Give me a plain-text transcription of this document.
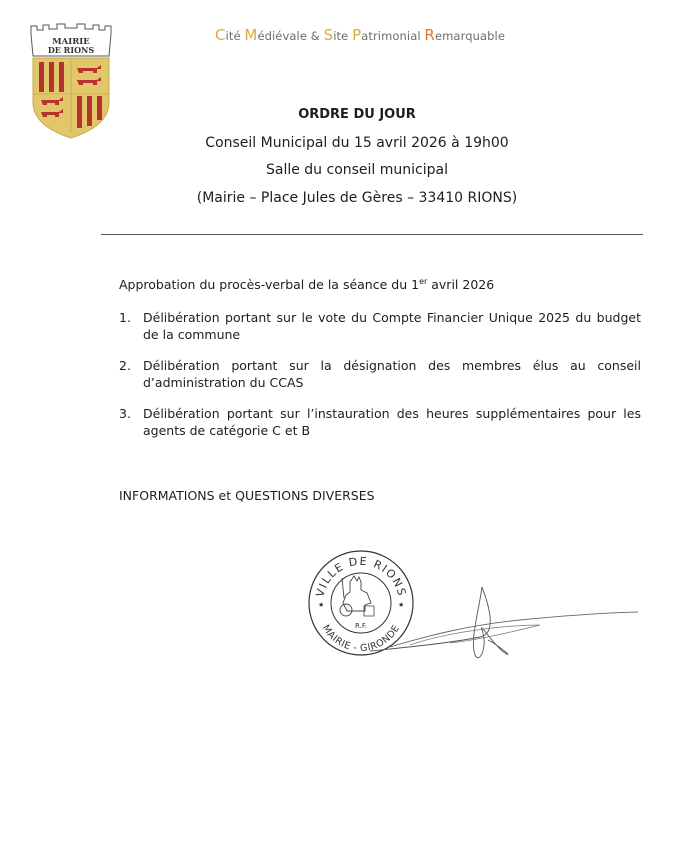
MAIRIE
DE RIONS
Cité Médiévale & Site Patrimonial Remarquable
ORDRE DU JOUR
Conseil Municipal du 15 avril 2026 à 19h00
Salle du conseil municipal
(Mairie – Place Jules de Gères – 33410 RIONS)
Approbation du procès-verbal de la séance du 1er avril 2026
1. Délibération portant sur le vote du Compte Financier Unique 2025 du budget de la commune
2. Délibération portant sur la désignation des membres élus au conseil d’administration du CCAS
3. Délibération portant sur l’instauration des heures supplémentaires pour les agents de catégorie C et B
INFORMATIONS et QUESTIONS DIVERSES
VILLE DE RIONS
MAIRIE - GIRONDE
★	★
R.F.
